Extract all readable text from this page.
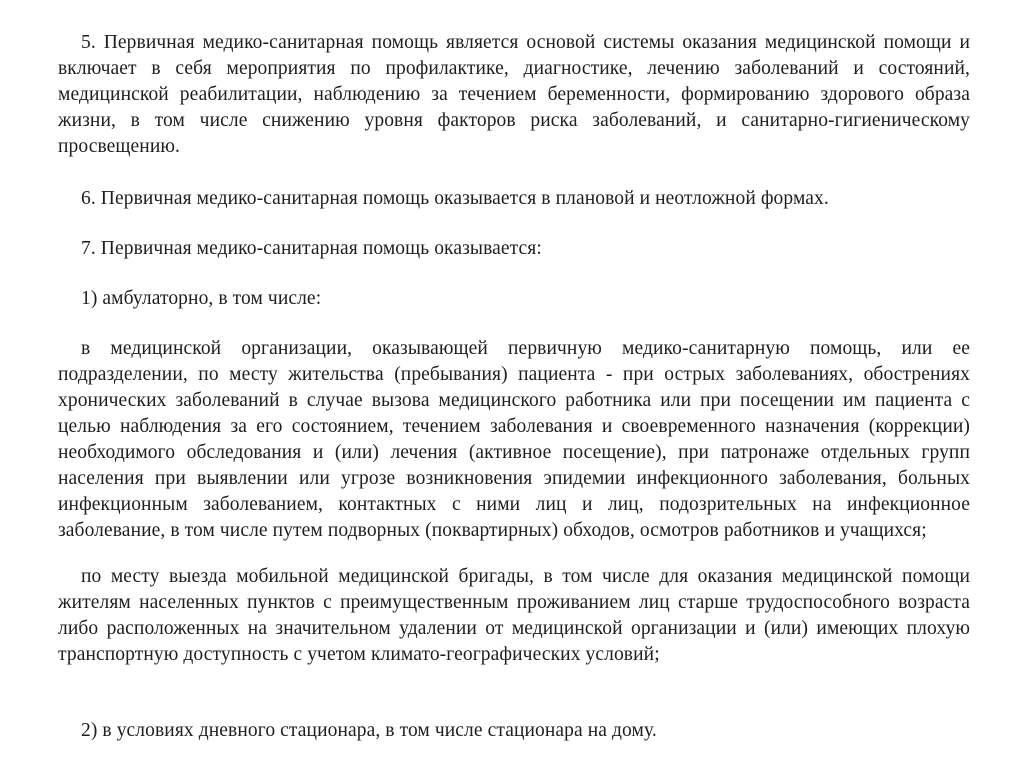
5. Первичная медико-санитарная помощь является основой системы оказания медицинской помощи и включает в себя мероприятия по профилактике, диагностике, лечению заболеваний и состояний, медицинской реабилитации, наблюдению за течением беременности, формированию здорового образа жизни, в том числе снижению уровня факторов риска заболеваний, и санитарно-гигиеническому просвещению.

6. Первичная медико-санитарная помощь оказывается в плановой и неотложной формах.

7. Первичная медико-санитарная помощь оказывается:

1) амбулаторно, в том числе:

в медицинской организации, оказывающей первичную медико-санитарную помощь, или ее подразделении, по месту жительства (пребывания) пациента - при острых заболеваниях, обострениях хронических заболеваний в случае вызова медицинского работника или при посещении им пациента с целью наблюдения за его состоянием, течением заболевания и своевременного назначения (коррекции) необходимого обследования и (или) лечения (активное посещение), при патронаже отдельных групп населения при выявлении или угрозе возникновения эпидемии инфекционного заболевания, больных инфекционным заболеванием, контактных с ними лиц и лиц, подозрительных на инфекционное заболевание, в том числе путем подворных (поквартирных) обходов, осмотров работников и учащихся;

по месту выезда мобильной медицинской бригады, в том числе для оказания медицинской помощи жителям населенных пунктов с преимущественным проживанием лиц старше трудоспособного возраста либо расположенных на значительном удалении от медицинской организации и (или) имеющих плохую транспортную доступность с учетом климато-географических условий;

2) в условиях дневного стационара, в том числе стационара на дому.
